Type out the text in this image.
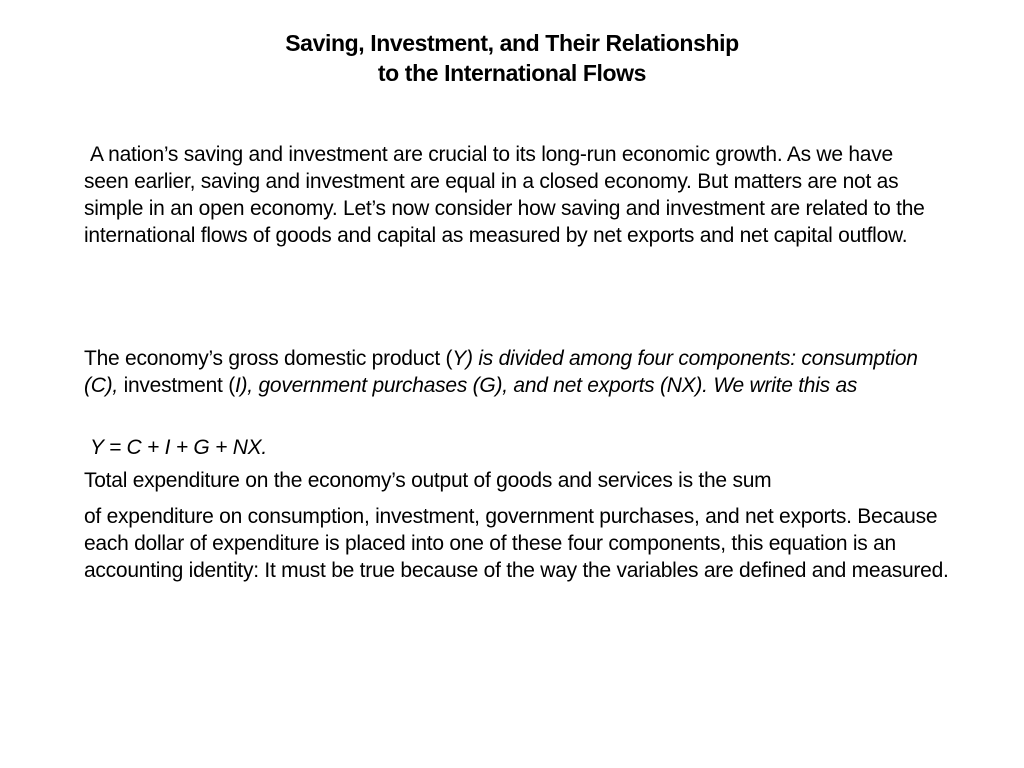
Saving, Investment, and Their Relationship
to the International Flows
A nation’s saving and investment are crucial to its long-run economic growth. As we have seen earlier, saving and investment are equal in a closed economy. But matters are not as simple in an open economy. Let’s now consider how saving and investment are related to the international flows of goods and capital as measured by net exports and net capital outflow.
The economy’s gross domestic product (Y) is divided among four components: consumption (C), investment (I), government purchases (G), and net exports (NX). We write this as
Y = C + I + G + NX.
Total expenditure on the economy’s output of goods and services is the sum
of expenditure on consumption, investment, government purchases, and net exports. Because each dollar of expenditure is placed into one of these four components, this equation is an accounting identity: It must be true because of the way the variables are defined and measured.
